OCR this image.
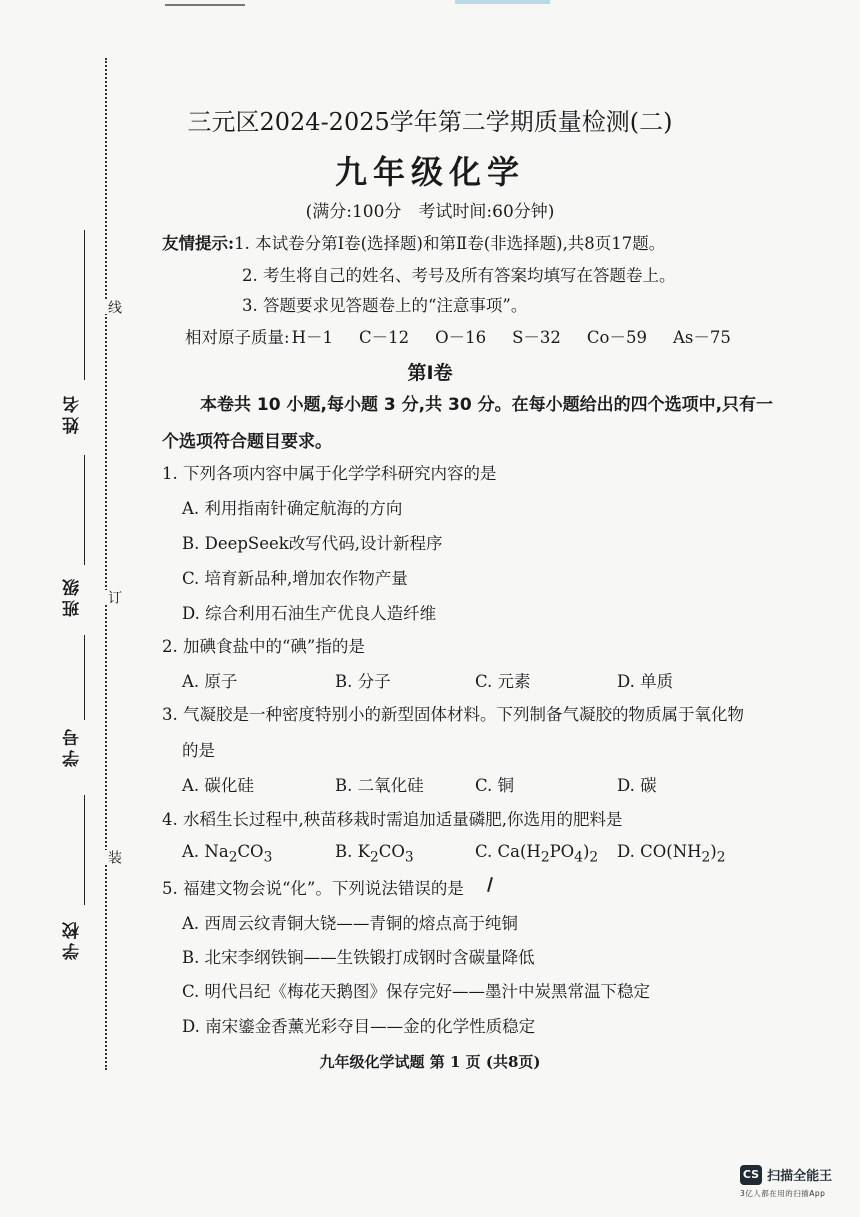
姓名
班级
学号
学校
线
订
装
三元区2024-2025学年第二学期质量检测(二)
九年级化学
(满分:100分　考试时间:60分钟)
友情提示:1. 本试卷分第Ⅰ卷(选择题)和第Ⅱ卷(非选择题),共8页17题。
2. 考生将自己的姓名、考号及所有答案均填写在答题卷上。
3. 答题要求见答题卷上的“注意事项”。
相对原子质量: H－1 C－12 O－16 S－32 Co－59 As－75
第Ⅰ卷
本卷共 10 小题,每小题 3 分,共 30 分。在每小题给出的四个选项中,只有一
个选项符合题目要求。
1. 下列各项内容中属于化学学科研究内容的是
A. 利用指南针确定航海的方向
B. DeepSeek改写代码,设计新程序
C. 培育新品种,增加农作物产量
D. 综合利用石油生产优良人造纤维
2. 加碘食盐中的“碘”指的是
A. 原子	B. 分子	C. 元素	D. 单质
3. 气凝胶是一种密度特别小的新型固体材料。下列制备气凝胶的物质属于氧化物
的是
A. 碳化硅	B. 二氧化硅	C. 铜	D. 碳
4. 水稻生长过程中,秧苗移栽时需追加适量磷肥,你选用的肥料是
A. $Na_2CO_3$	B. $K_2CO_3$	C. $Ca(H_2PO_4)_2$ D. $CO(NH_2)_2$
5. 福建文物会说“化”。下列说法错误的是
A. 西周云纹青铜大铙——青铜的熔点高于纯铜
B. 北宋李纲铁锏——生铁锻打成钢时含碳量降低
C. 明代吕纪《梅花天鹅图》保存完好——墨汁中炭黑常温下稳定
D. 南宋鎏金香薰光彩夺目——金的化学性质稳定
九年级化学试题 第 1 页 (共8页)
CS 扫描全能王
3亿人都在用的扫描App
